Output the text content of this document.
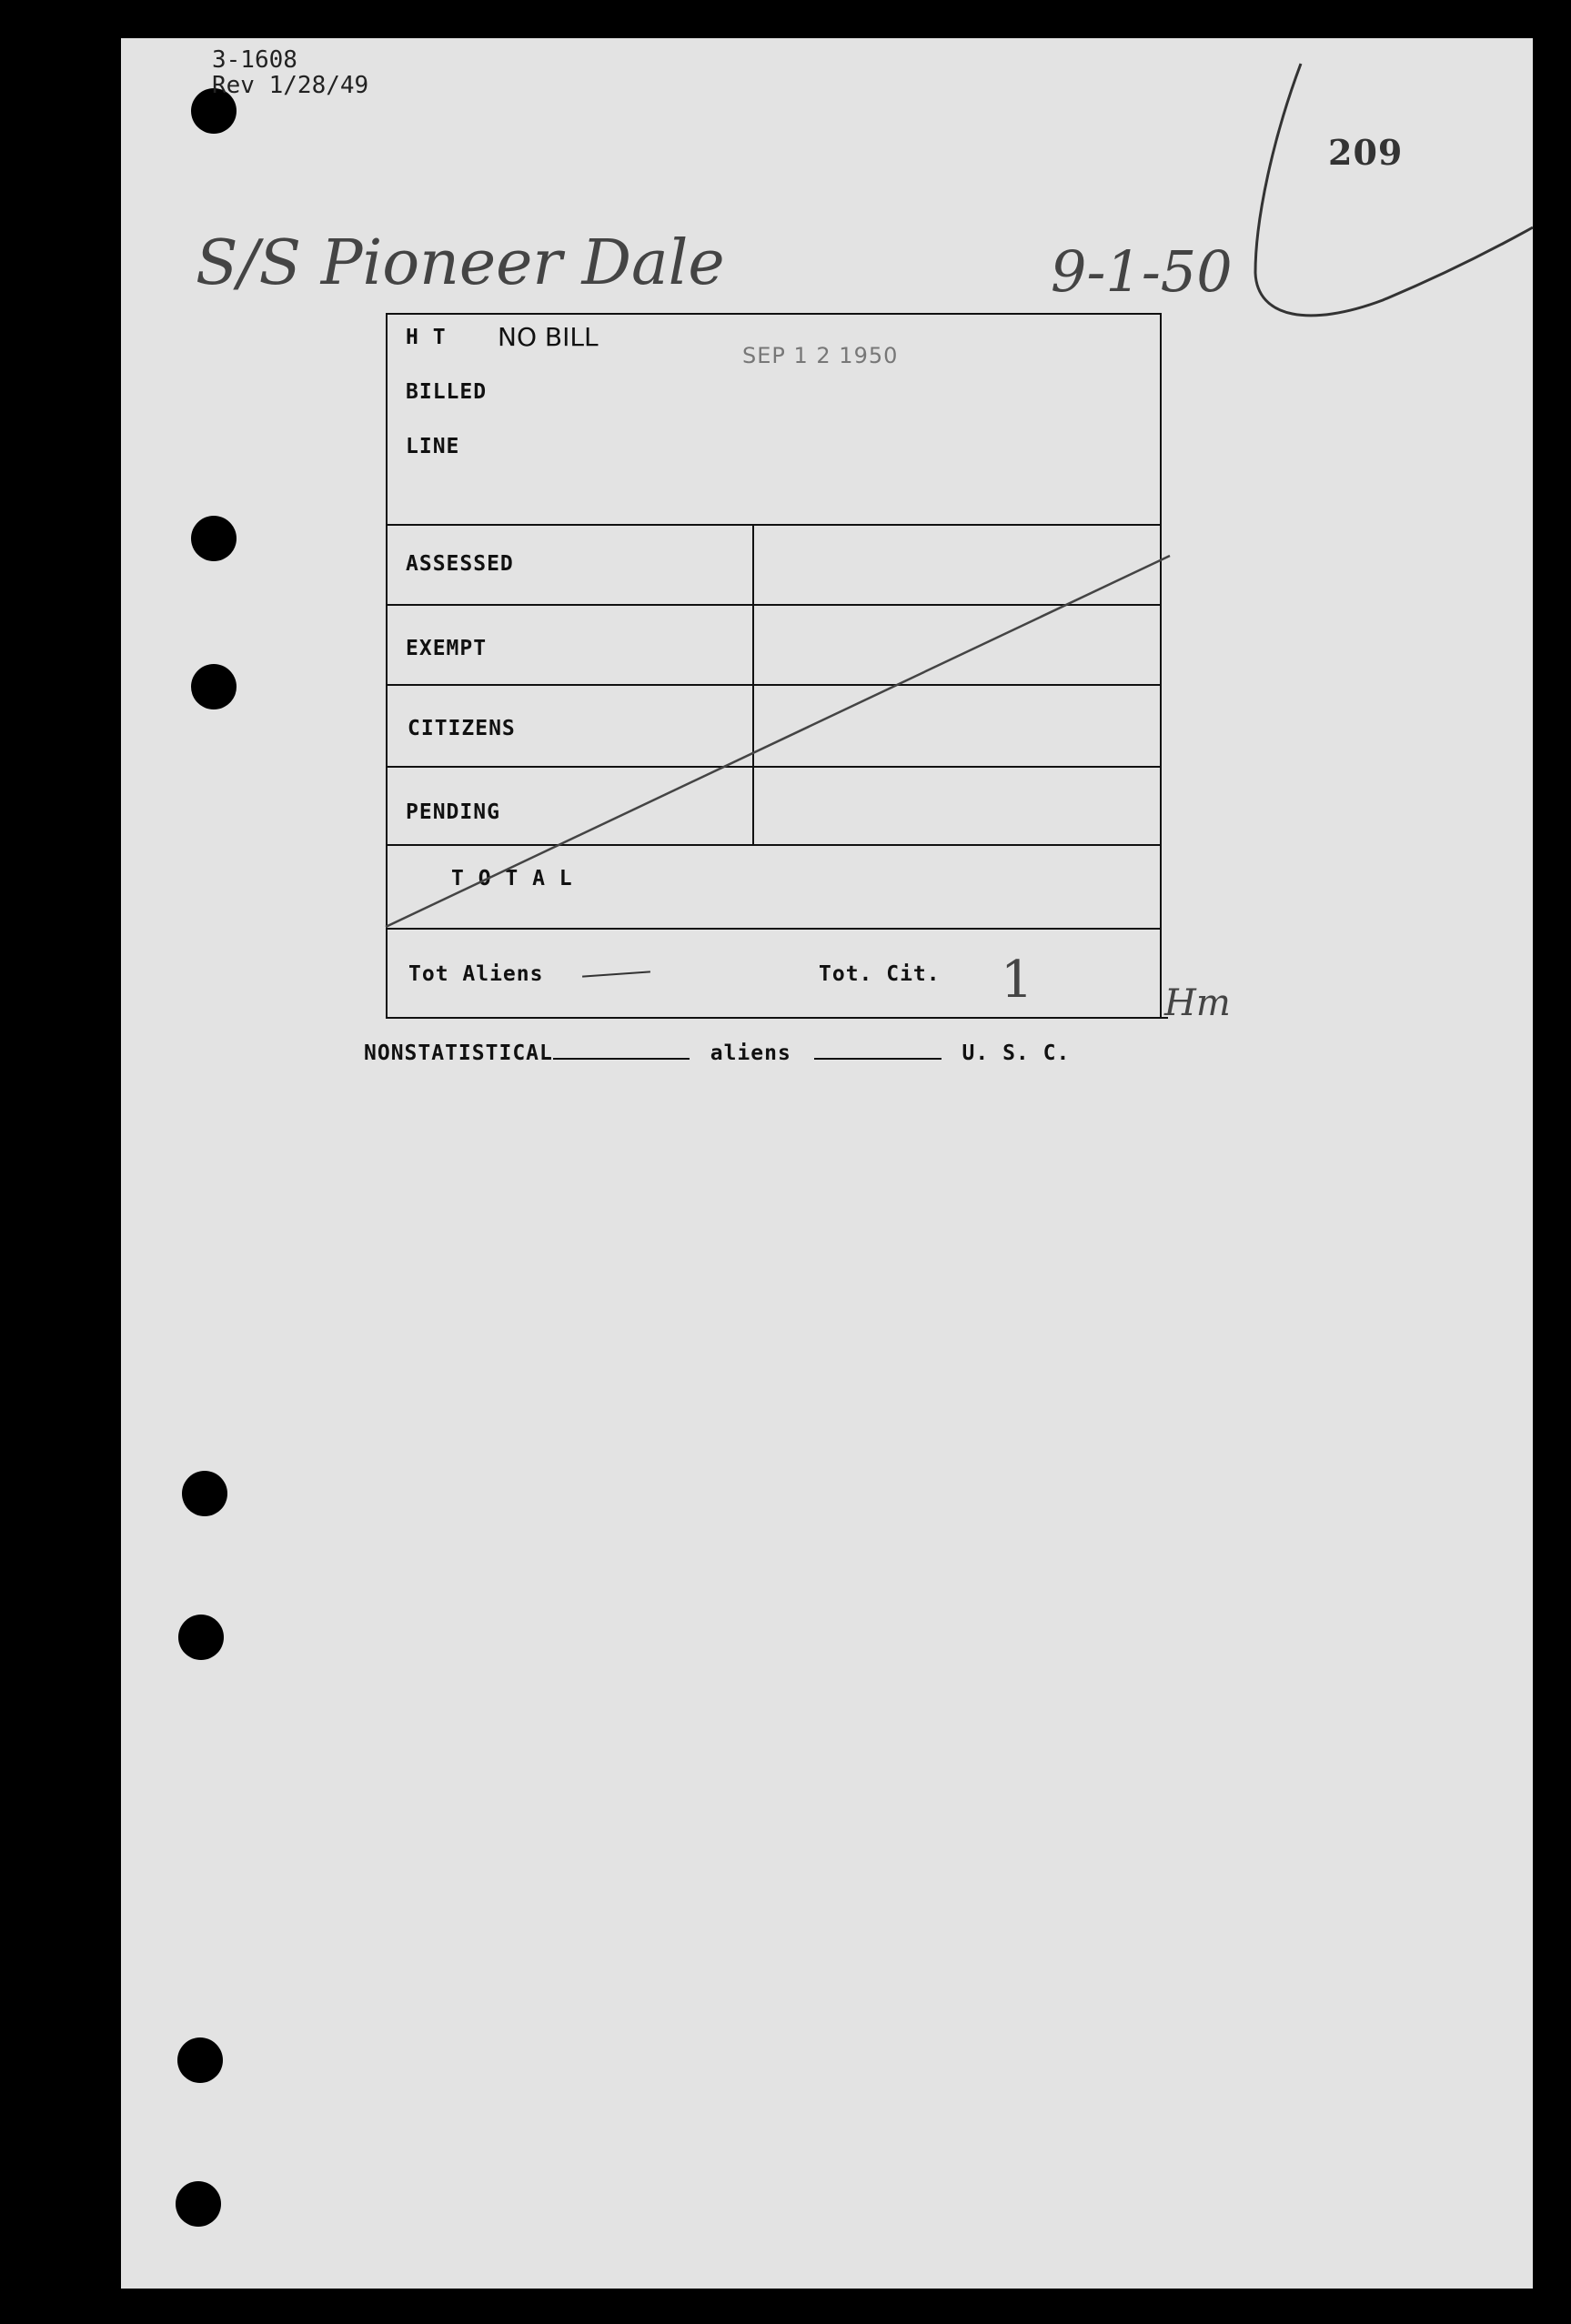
3-1608
Rev 1/28/49
209
S/S Pioneer Dale	9-1-50
H T NO BILL
SEP 1 2 1950
BILLED
LINE
ASSESSED
EXEMPT
CITIZENS
PENDING
T O T A L
Tot Aliens	Tot. Cit. 1	Hm
NONSTATISTICAL	aliens	U. S. C.
